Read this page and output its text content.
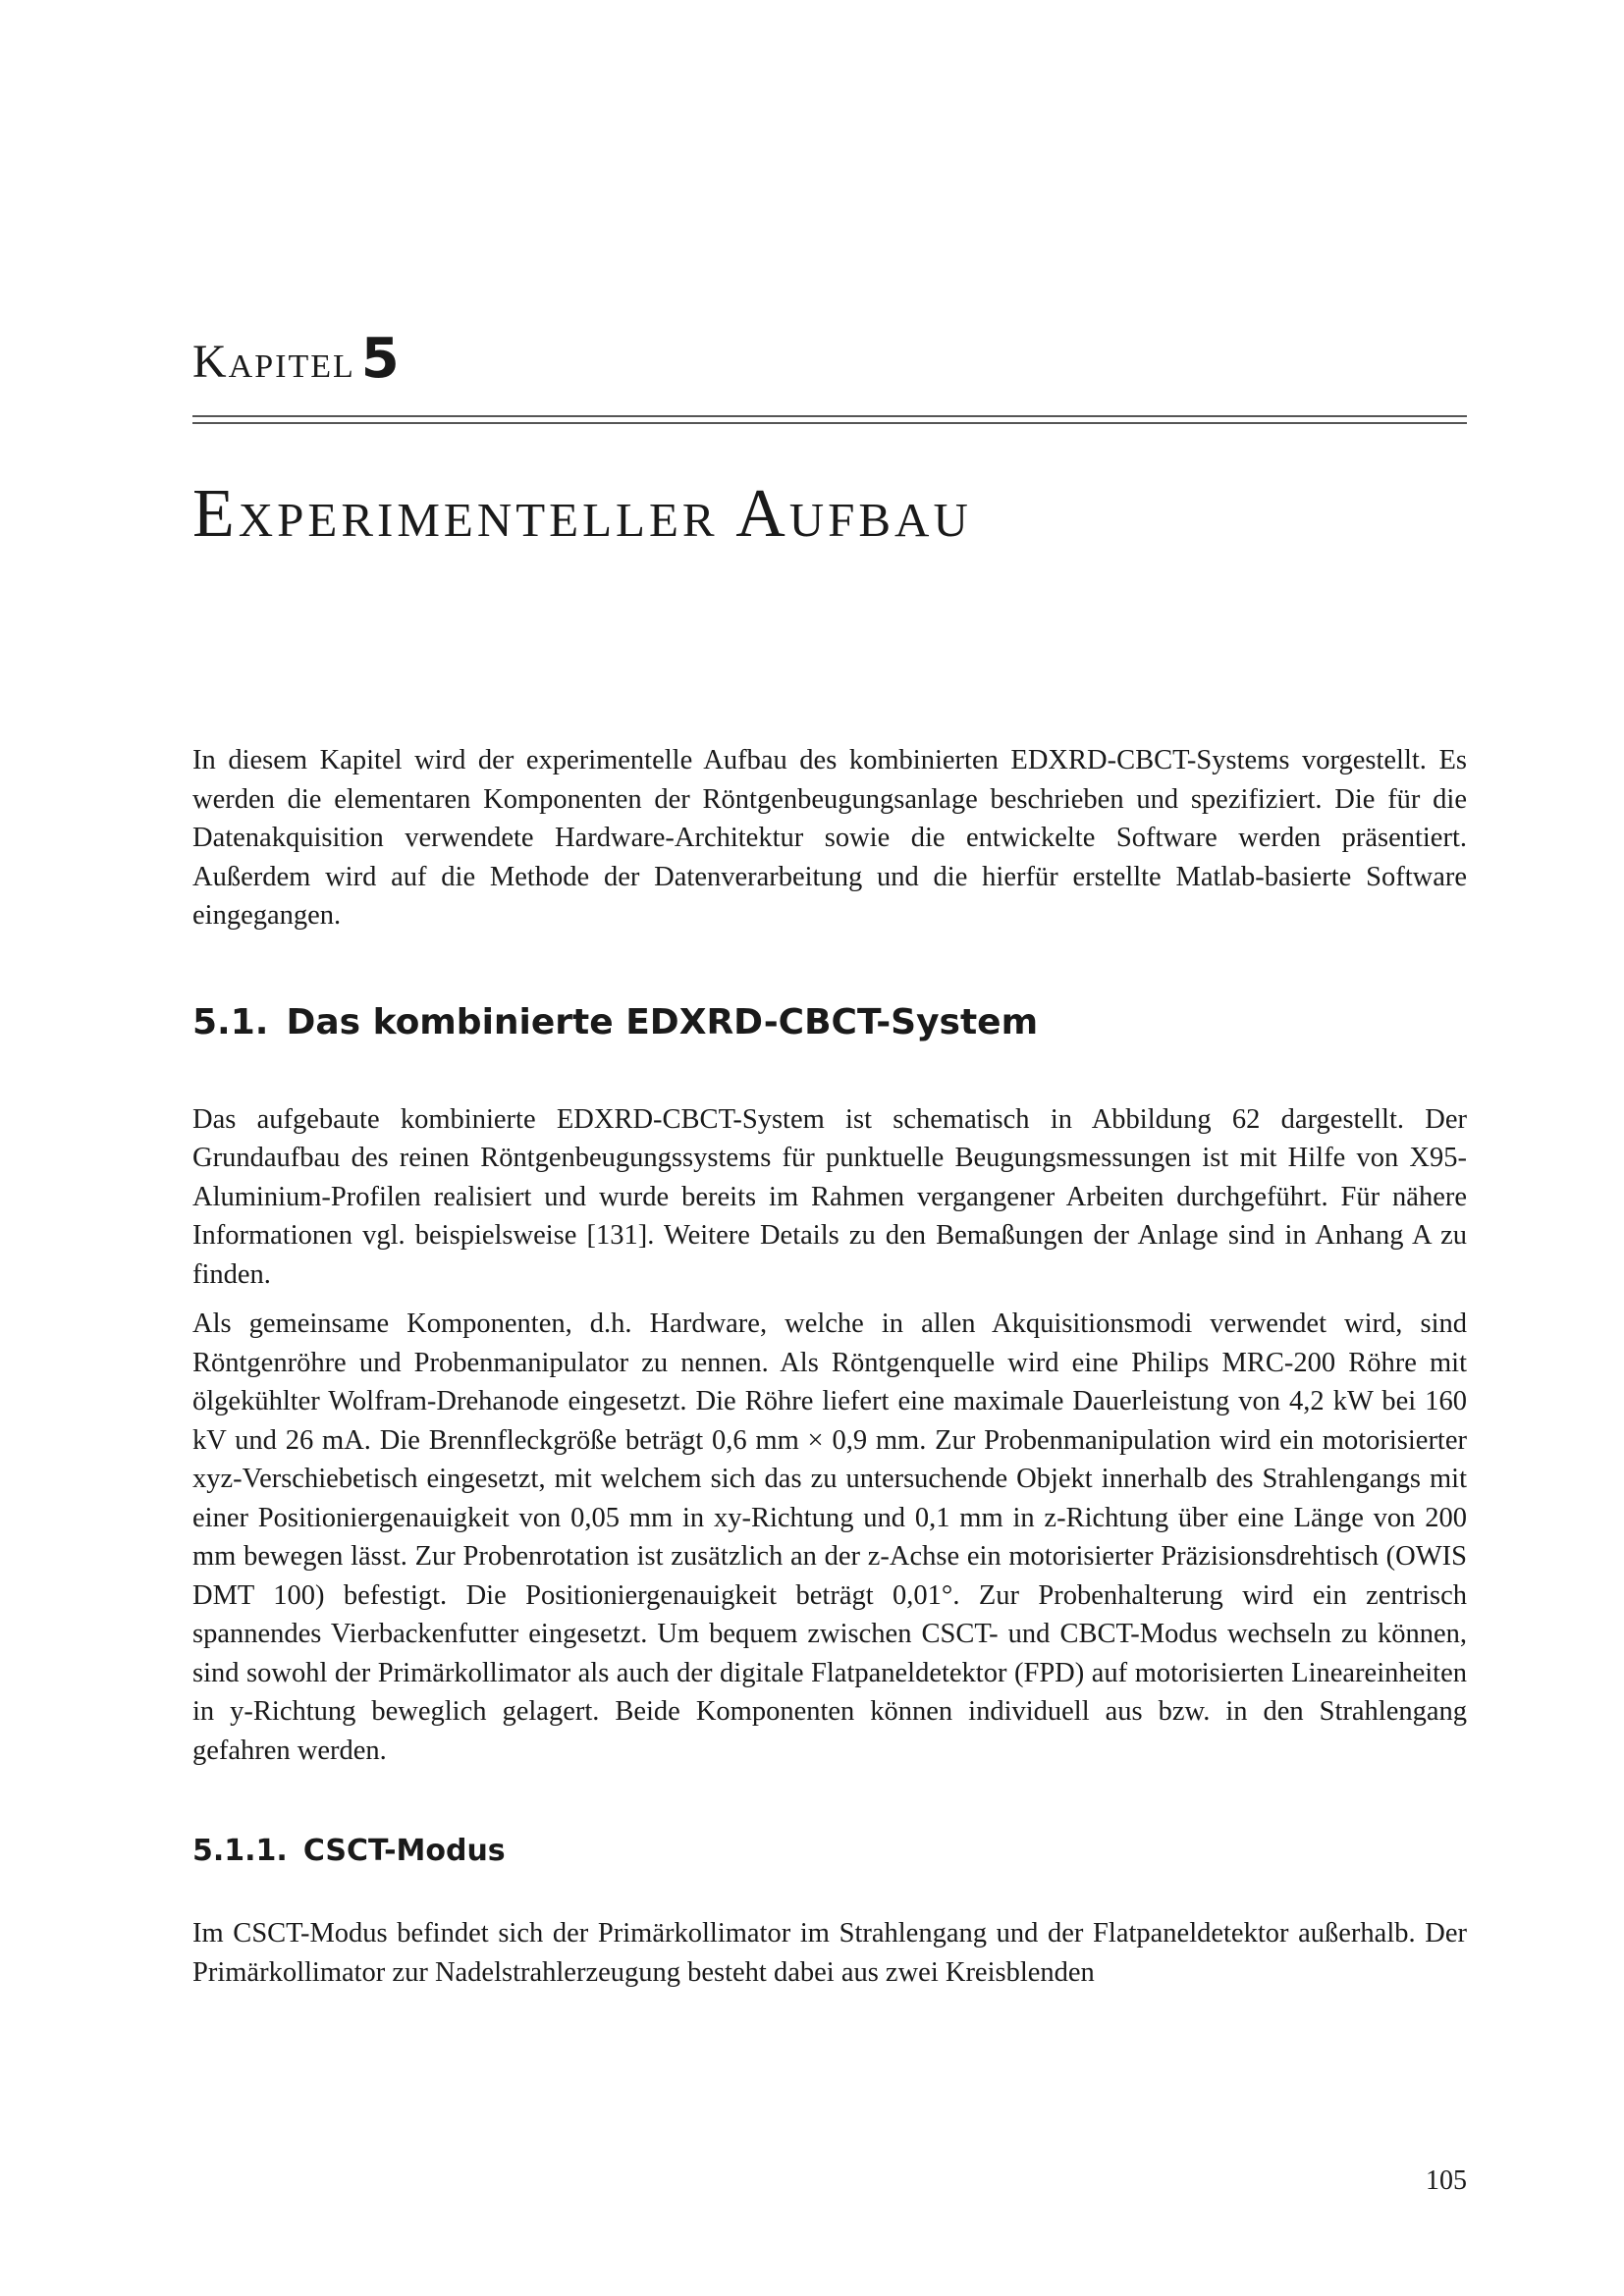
Kapitel 5
Experimenteller Aufbau

In diesem Kapitel wird der experimentelle Aufbau des kombinierten EDXRD-CBCT-Systems vorgestellt. Es werden die elementaren Komponenten der Röntgenbeugungsanlage beschrieben und spezifiziert. Die für die Datenakquisition verwendete Hardware-Architektur sowie die entwickelte Software werden präsentiert. Außerdem wird auf die Methode der Datenverarbeitung und die hierfür erstellte Matlab-basierte Software eingegangen.

5.1. Das kombinierte EDXRD-CBCT-System

Das aufgebaute kombinierte EDXRD-CBCT-System ist schematisch in Abbildung 62 dargestellt. Der Grundaufbau des reinen Röntgenbeugungssystems für punktuelle Beugungsmessungen ist mit Hilfe von X95-Aluminium-Profilen realisiert und wurde bereits im Rahmen vergangener Arbeiten durchgeführt. Für nähere Informationen vgl. beispielsweise [131]. Weitere Details zu den Bemaßungen der Anlage sind in Anhang A zu finden.

Als gemeinsame Komponenten, d.h. Hardware, welche in allen Akquisitionsmodi verwendet wird, sind Röntgenröhre und Probenmanipulator zu nennen. Als Röntgenquelle wird eine Philips MRC-200 Röhre mit ölgekühlter Wolfram-Drehanode eingesetzt. Die Röhre liefert eine maximale Dauerleistung von 4,2 kW bei 160 kV und 26 mA. Die Brennfleckgröße beträgt 0,6 mm × 0,9 mm. Zur Probenmanipulation wird ein motorisierter xyz-Verschiebetisch eingesetzt, mit welchem sich das zu untersuchende Objekt innerhalb des Strahlengangs mit einer Positioniergenauigkeit von 0,05 mm in xy-Richtung und 0,1 mm in z-Richtung über eine Länge von 200 mm bewegen lässt. Zur Probenrotation ist zusätzlich an der z-Achse ein motorisierter Präzisionsdrehtisch (OWIS DMT 100) befestigt. Die Positioniergenauigkeit beträgt 0,01°. Zur Probenhalterung wird ein zentrisch spannendes Vierbackenfutter eingesetzt. Um bequem zwischen CSCT- und CBCT-Modus wechseln zu können, sind sowohl der Primärkollimator als auch der digitale Flatpaneldetektor (FPD) auf motorisierten Lineareinheiten in y-Richtung beweglich gelagert. Beide Komponenten können individuell aus bzw. in den Strahlengang gefahren werden.

5.1.1. CSCT-Modus

Im CSCT-Modus befindet sich der Primärkollimator im Strahlengang und der Flatpaneldetektor außerhalb. Der Primärkollimator zur Nadelstrahlerzeugung besteht dabei aus zwei Kreisblenden

105
